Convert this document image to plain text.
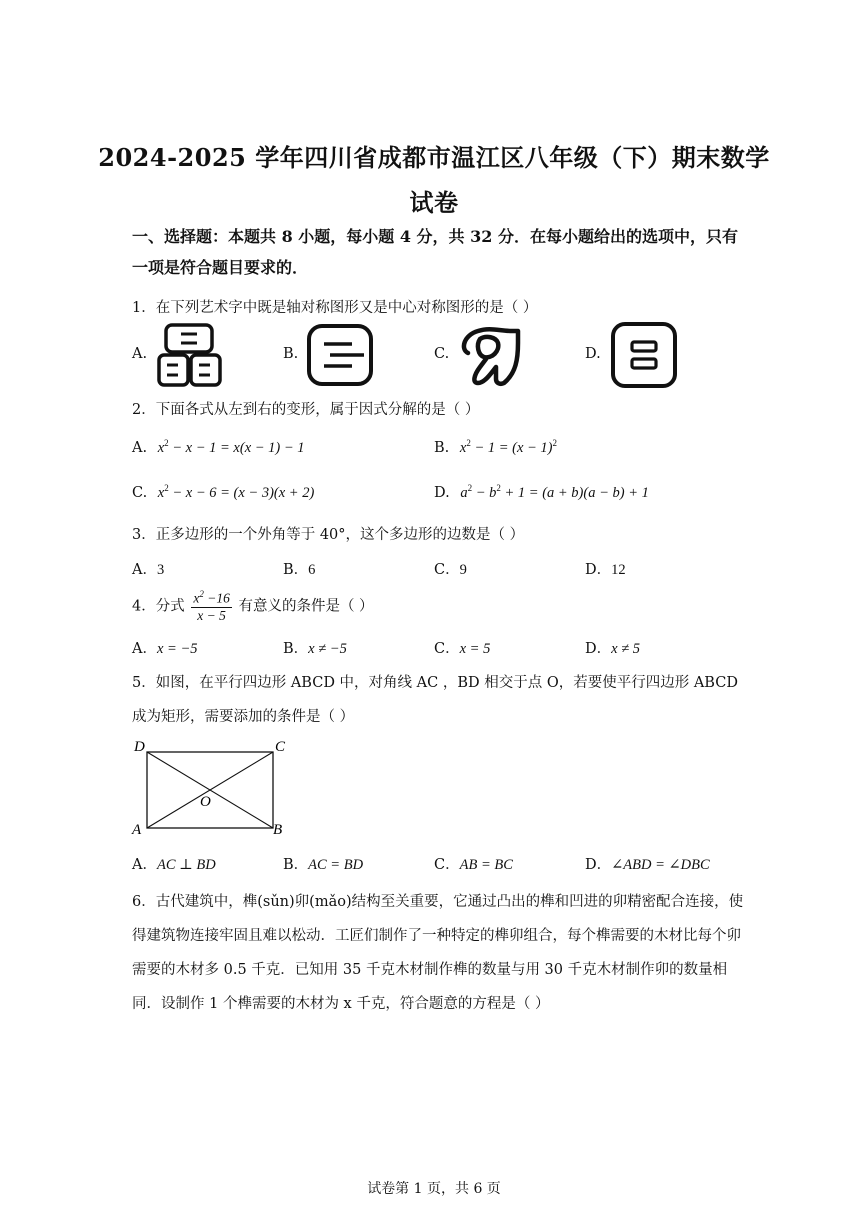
2024-2025 学年四川省成都市温江区八年级（下）期末数学
试卷
一、选择题：本题共 8 小题，每小题 4 分，共 32 分．在每小题给出的选项中，只有一项是符合题目要求的．
1．在下列艺术字中既是轴对称图形又是中心对称图形的是（ ）
A.	B.	C.	D.
2．下面各式从左到右的变形，属于因式分解的是（ ）
A. $x^2 - x - 1 = x(x - 1) - 1$	B. $x^2 - 1 = (x - 1)^2$
C. $x^2 - x - 6 = (x - 3)(x + 2)$	D. $a^2 - b^2 + 1 = (a + b)(a - b) + 1$
3．正多边形的一个外角等于 40°，这个多边形的边数是（ ）
A．3	B．6	C．9	D．12
4．分式 $\frac{x^2 -16}{x - 5}$ 有意义的条件是（ ）
A．x = −5	B．x ≠ −5	C．x = 5	D．x ≠ 5
5．如图，在平行四边形 ABCD 中，对角线 AC ，BD 相交于点 O，若要使平行四边形 ABCD
成为矩形，需要添加的条件是（ ）
D	C
A	B
O
A．AC ⊥ BD	B．AC = BD	C．AB = BC	D．∠ABD = ∠DBC
6．古代建筑中，榫(sǔn)卯(mǎo)结构至关重要，它通过凸出的榫和凹进的卯精密配合连接，使得建筑物连接牢固且难以松动．工匠们制作了一种特定的榫卯组合，每个榫需要的木材比每个卯需要的木材多 0.5 千克．已知用 35 千克木材制作榫的数量与用 30 千克木材制作卯的数量相同．设制作 1 个榫需要的木材为 x 千克，符合题意的方程是（ ）
试卷第 1 页，共 6 页
